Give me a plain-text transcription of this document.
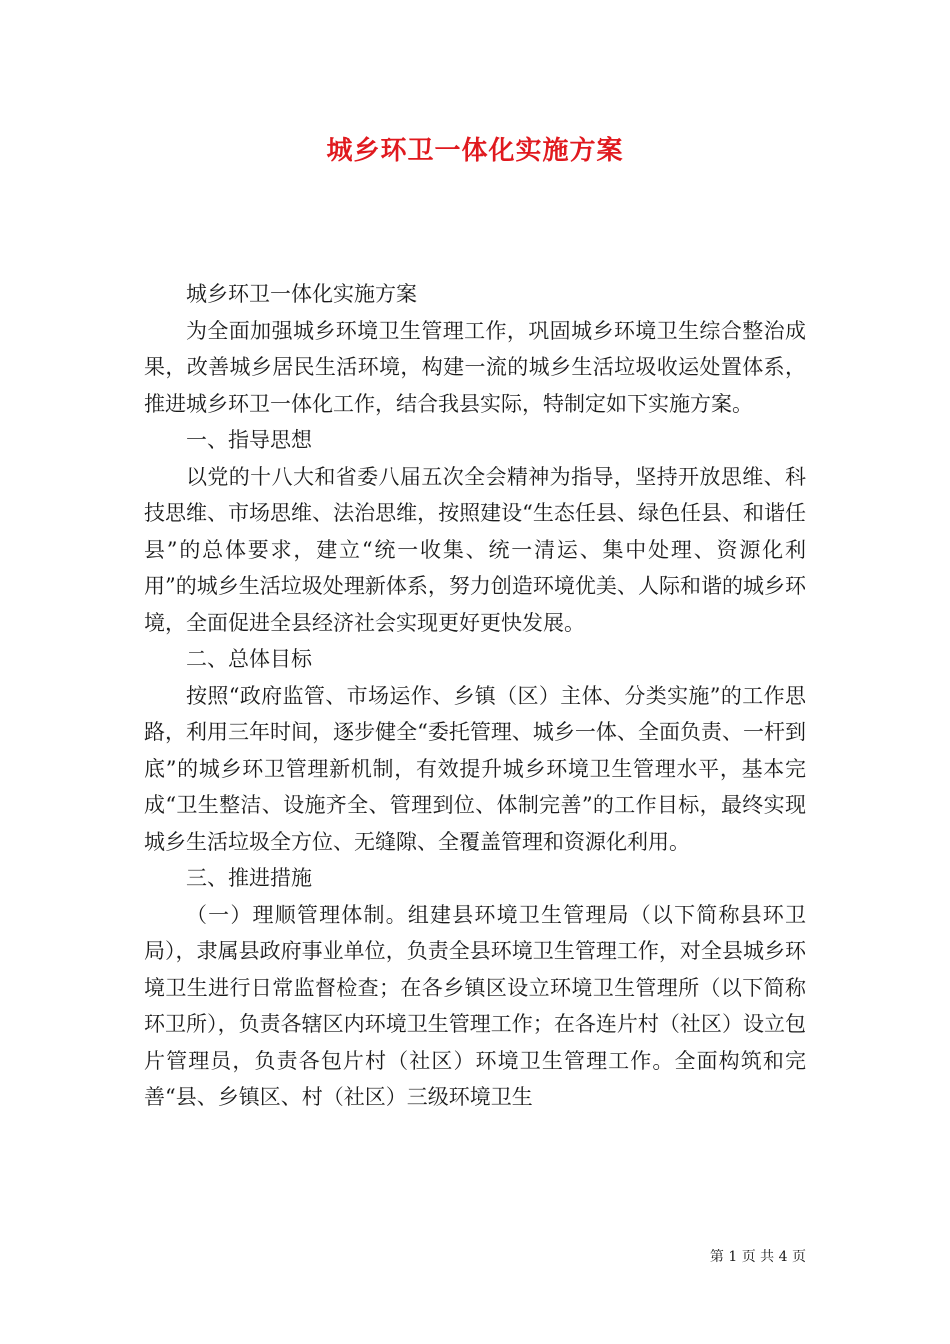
城乡环卫一体化实施方案

城乡环卫一体化实施方案

为全面加强城乡环境卫生管理工作，巩固城乡环境卫生综合整治成果，改善城乡居民生活环境，构建一流的城乡生活垃圾收运处置体系，推进城乡环卫一体化工作，结合我县实际，特制定如下实施方案。

一、指导思想

以党的十八大和省委八届五次全会精神为指导，坚持开放思维、科技思维、市场思维、法治思维，按照建设“生态任县、绿色任县、和谐任县”的总体要求，建立“统一收集、统一清运、集中处理、资源化利用”的城乡生活垃圾处理新体系，努力创造环境优美、人际和谐的城乡环境，全面促进全县经济社会实现更好更快发展。

二、总体目标

按照“政府监管、市场运作、乡镇（区）主体、分类实施”的工作思路，利用三年时间，逐步健全“委托管理、城乡一体、全面负责、一杆到底”的城乡环卫管理新机制，有效提升城乡环境卫生管理水平，基本完成“卫生整洁、设施齐全、管理到位、体制完善”的工作目标，最终实现城乡生活垃圾全方位、无缝隙、全覆盖管理和资源化利用。

三、推进措施

（一）理顺管理体制。组建县环境卫生管理局（以下简称县环卫局），隶属县政府事业单位，负责全县环境卫生管理工作，对全县城乡环境卫生进行日常监督检查；在各乡镇区设立环境卫生管理所（以下简称环卫所），负责各辖区内环境卫生管理工作；在各连片村（社区）设立包片管理员，负责各包片村（社区）环境卫生管理工作。全面构筑和完善“县、乡镇区、村（社区）三级环境卫生

第 1 页 共 4 页
